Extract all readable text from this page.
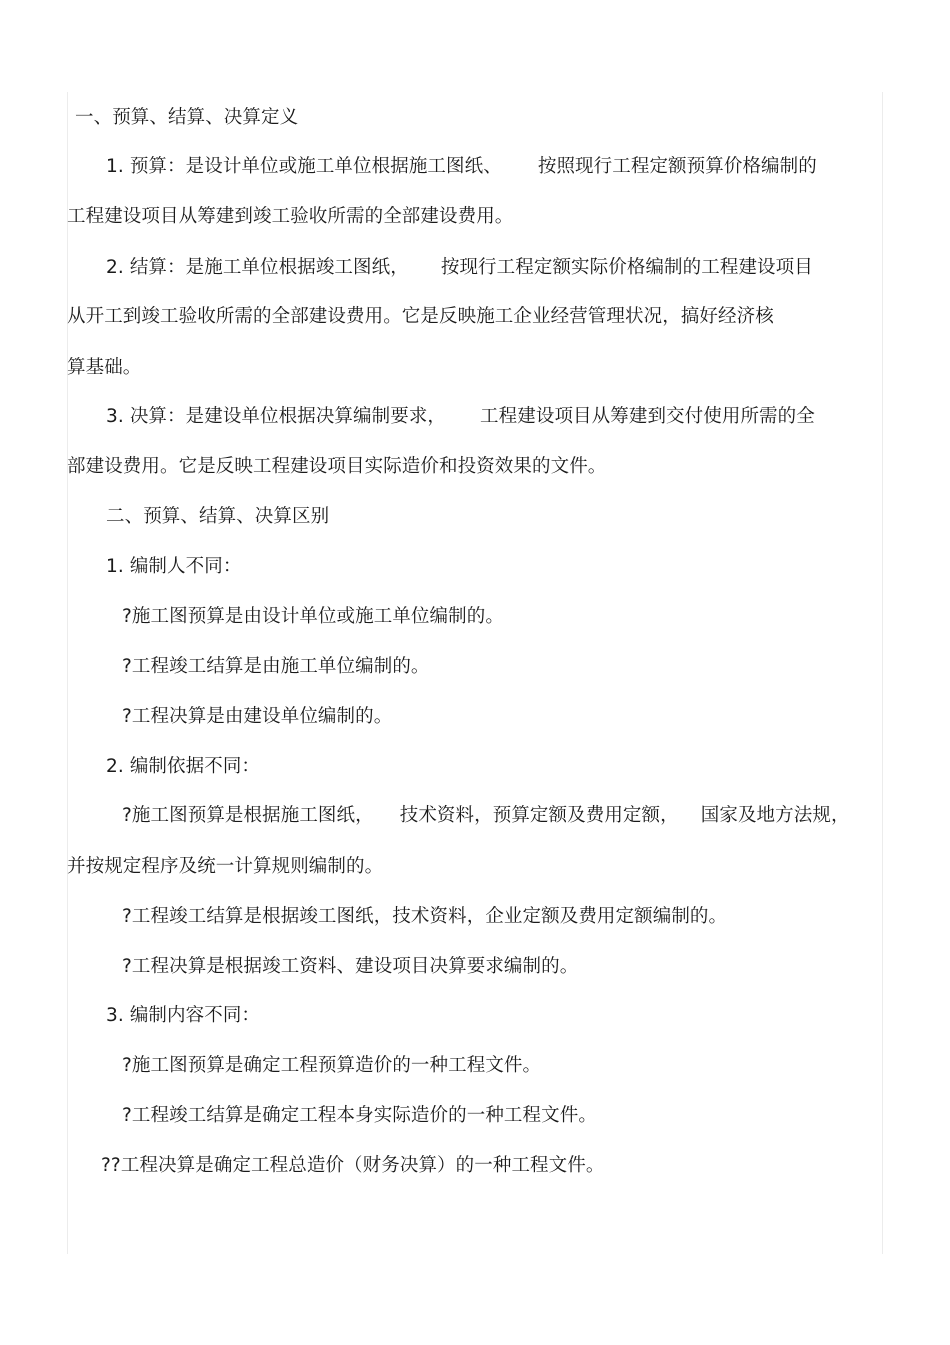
一、预算、结算、决算定义
1. 预算：是设计单位或施工单位根据施工图纸、 按照现行工程定额预算价格编制的
工程建设项目从筹建到竣工验收所需的全部建设费用。
2. 结算：是施工单位根据竣工图纸， 按现行工程定额实际价格编制的工程建设项目
从开工到竣工验收所需的全部建设费用。它是反映施工企业经营管理状况，搞好经济核
算基础。
3. 决算：是建设单位根据决算编制要求， 工程建设项目从筹建到交付使用所需的全
部建设费用。它是反映工程建设项目实际造价和投资效果的文件。
二、预算、结算、决算区别
1. 编制人不同：
?施工图预算是由设计单位或施工单位编制的。
?工程竣工结算是由施工单位编制的。
?工程决算是由建设单位编制的。
2. 编制依据不同：
?施工图预算是根据施工图纸， 技术资料，预算定额及费用定额， 国家及地方法规，
并按规定程序及统一计算规则编制的。
?工程竣工结算是根据竣工图纸，技术资料，企业定额及费用定额编制的。
?工程决算是根据竣工资料、建设项目决算要求编制的。
3. 编制内容不同：
?施工图预算是确定工程预算造价的一种工程文件。
?工程竣工结算是确定工程本身实际造价的一种工程文件。
??工程决算是确定工程总造价（财务决算）的一种工程文件。
